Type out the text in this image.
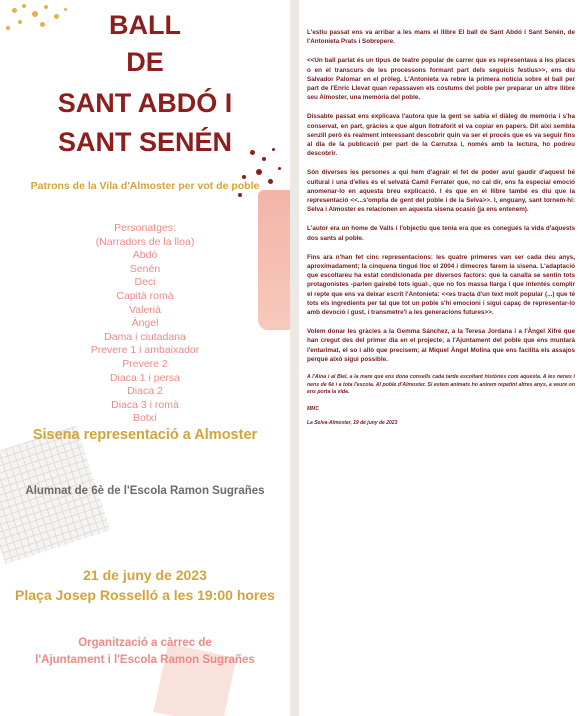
BALL
DE
SANT ABDÓ I
SANT SENÉN
Patrons de la Vila d'Almoster per vot de poble
Personatges:
(Narradors de la lloa)
Abdó
Senén
Deci
Capità romà
Valerià
Àngel
Dama i ciutadana
Prevere 1 i ambaixador
Prevere 2
Diaca 1 i persa
Diaca 2
Diaca 3 i romà
Botxí
Sisena representació a Almoster
Alumnat de 6è de l'Escola Ramon Sugrañes
21 de juny de 2023
Plaça Josep Rosselló a les 19:00 hores
Organització a càrrec de
l'Ajuntament i l'Escola Ramon Sugrañes

L'estiu passat ens va arribar a les mans el llibre El ball de Sant Abdó i Sant Senén, de l'Antonieta Prats i Sobrepere.

<<Un ball parlat és un tipus de teatre popular de carrer que es representava a les places o en el transcurs de les processons formant part dels seguicis festius>>, ens diu Salvador Palomar en el pròleg. L'Antonieta va rebre la primera notícia sobre el ball per part de l'Enric Llevat quan repassaven els costums del poble per preparar un altre llibre seu Almoster, una memòria del poble.

Dissabte passat ens explicava l'autora que la gent se sabia el diàleg de memòria i s'ha conservat, en part, gràcies a que algun llotraforit el va copiar en papers. Dit així sembla senzill però és realment interessant descobrir quin va ser el procés que es va seguir fins al dia de la publicació per part de la Carrutxa i, només amb la lectura, ho podreu descobrir.

Són diverses les persones a qui hem d'agrair el fet de poder avui gaudir d'aquest bé cultural i una d'elles és el selvatà Camil Ferrater que, no cal dir, ens fa especial emoció anomenar-lo en aquesta breu explicació. I és que en el llibre també es diu que la representació <<...s'omplia de gent del poble i de la Selva>>. I, enguany, sant tornem-hi: Selva i Almoster es relacionen en aquesta sisena ocasió (ja ens entenem).

L'autor era un home de Valls i l'objectiu que tenia era que es conegués la vida d'aquests dos sants al poble.

Fins ara n'han fet cinc representacions: les quatre primeres van ser cada deu anys, aproximadament; la cinquena tingué lloc el 2004 i dimecres farem la sisena. L'adaptació que escoltareu ha estat condicionada per diversos factors: que la canalla se sentin tots protagonistes -parlen gairebé tots igual-, que no fos massa llarga i que intentés complir el repte que ens va deixar escrit l'Antonieta: <<es tracta d'un text molt popular (...) que té tots els ingredients per tal que tot un poble s'hi emocioni i sigui capaç de representar-lo amb devoció i gust, i transmetre'l a les generacions futures>>.

Volem donar les gràcies a la Gemma Sánchez, a la Teresa Jordana i a l'Àngel Xifré que han cregut des del primer dia en el projecte; a l'Ajuntament del poble que ens muntarà l'entarimat, el so i allò que precisem; al Miquel Àngel Molina que ens facilita els assajos perquè això sigui possible.

A l'Aina i al Biel, a la mare que ens dona consells cada tarde escoltant històries com aquesta. A les nenes i nens de 6è i a tota l'escola. Al poble d'Almoster. Si estem animats ho anirem repetint altres anys, a veure on ens porta la vida.

MMC

La Selva-Almoster, 19 de juny de 2023
